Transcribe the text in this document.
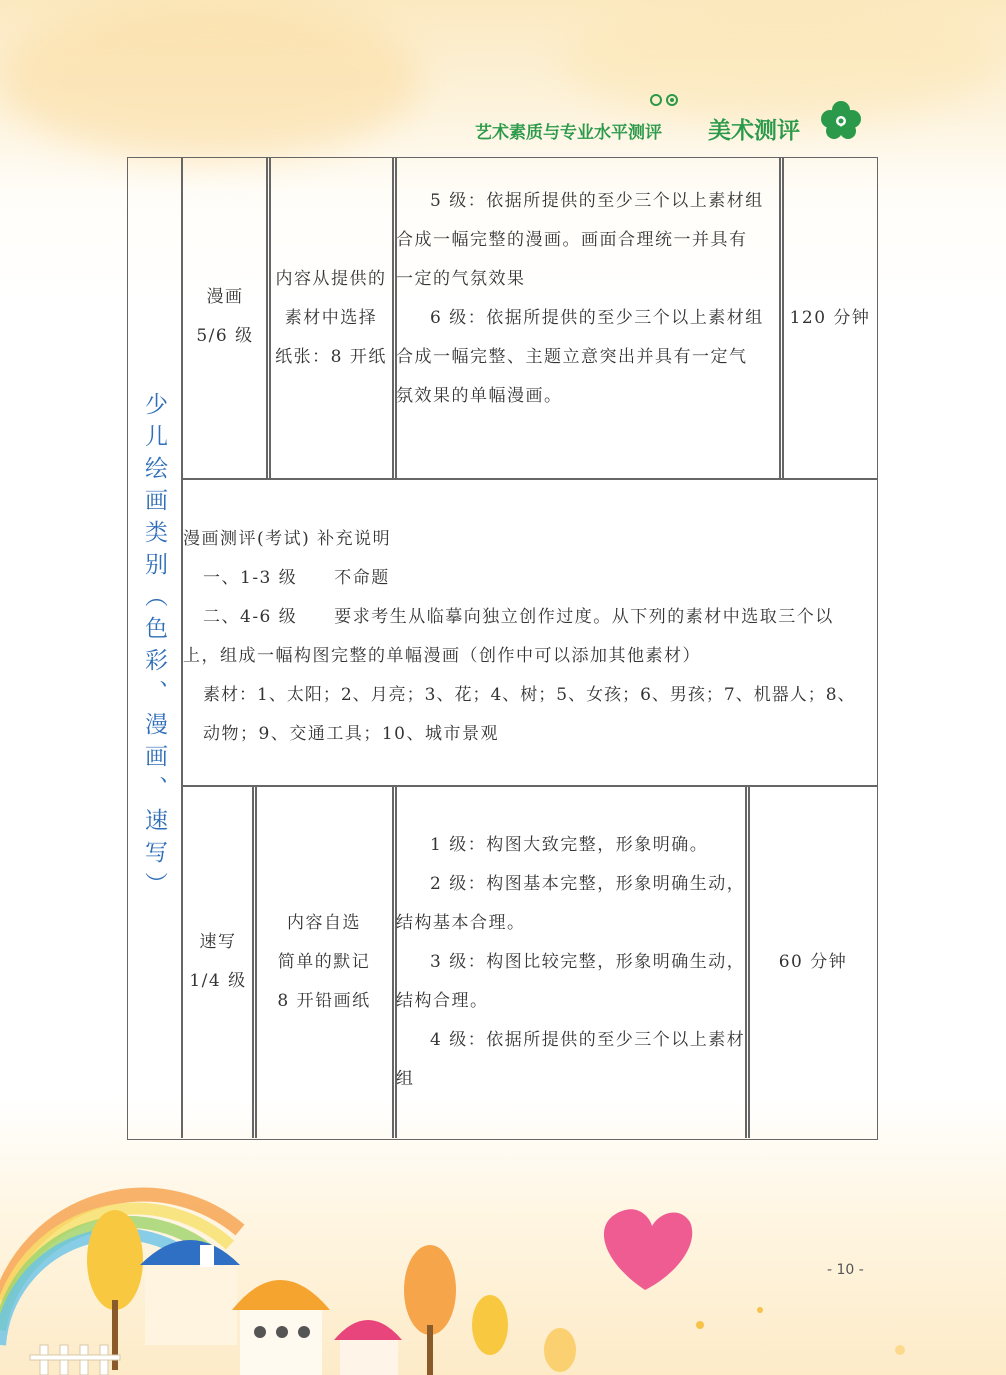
艺术素质与专业水平测评 美术测评
少儿绘画类别（色彩、漫画、速写）
漫画
5/6 级
内容从提供的
素材中选择
纸张：8 开纸
5 级：依据所提供的至少三个以上素材组
合成一幅完整的漫画。画面合理统一并具有
一定的气氛效果
6 级：依据所提供的至少三个以上素材组
合成一幅完整、主题立意突出并具有一定气
氛效果的单幅漫画。
120 分钟
漫画测评(考试) 补充说明
一、1-3 级　　不命题
二、4-6 级　　要求考生从临摹向独立创作过度。从下列的素材中选取三个以
上，组成一幅构图完整的单幅漫画（创作中可以添加其他素材）
素材：1、太阳；2、月亮；3、花；4、树；5、女孩；6、男孩；7、机器人；8、
动物；9、交通工具；10、城市景观
速写
1/4 级
内容自选
简单的默记
8 开铅画纸
1 级：构图大致完整，形象明确。
2 级：构图基本完整，形象明确生动，
结构基本合理。
3 级：构图比较完整，形象明确生动，
结构合理。
4 级：依据所提供的至少三个以上素材
组
60 分钟
- 10 -
